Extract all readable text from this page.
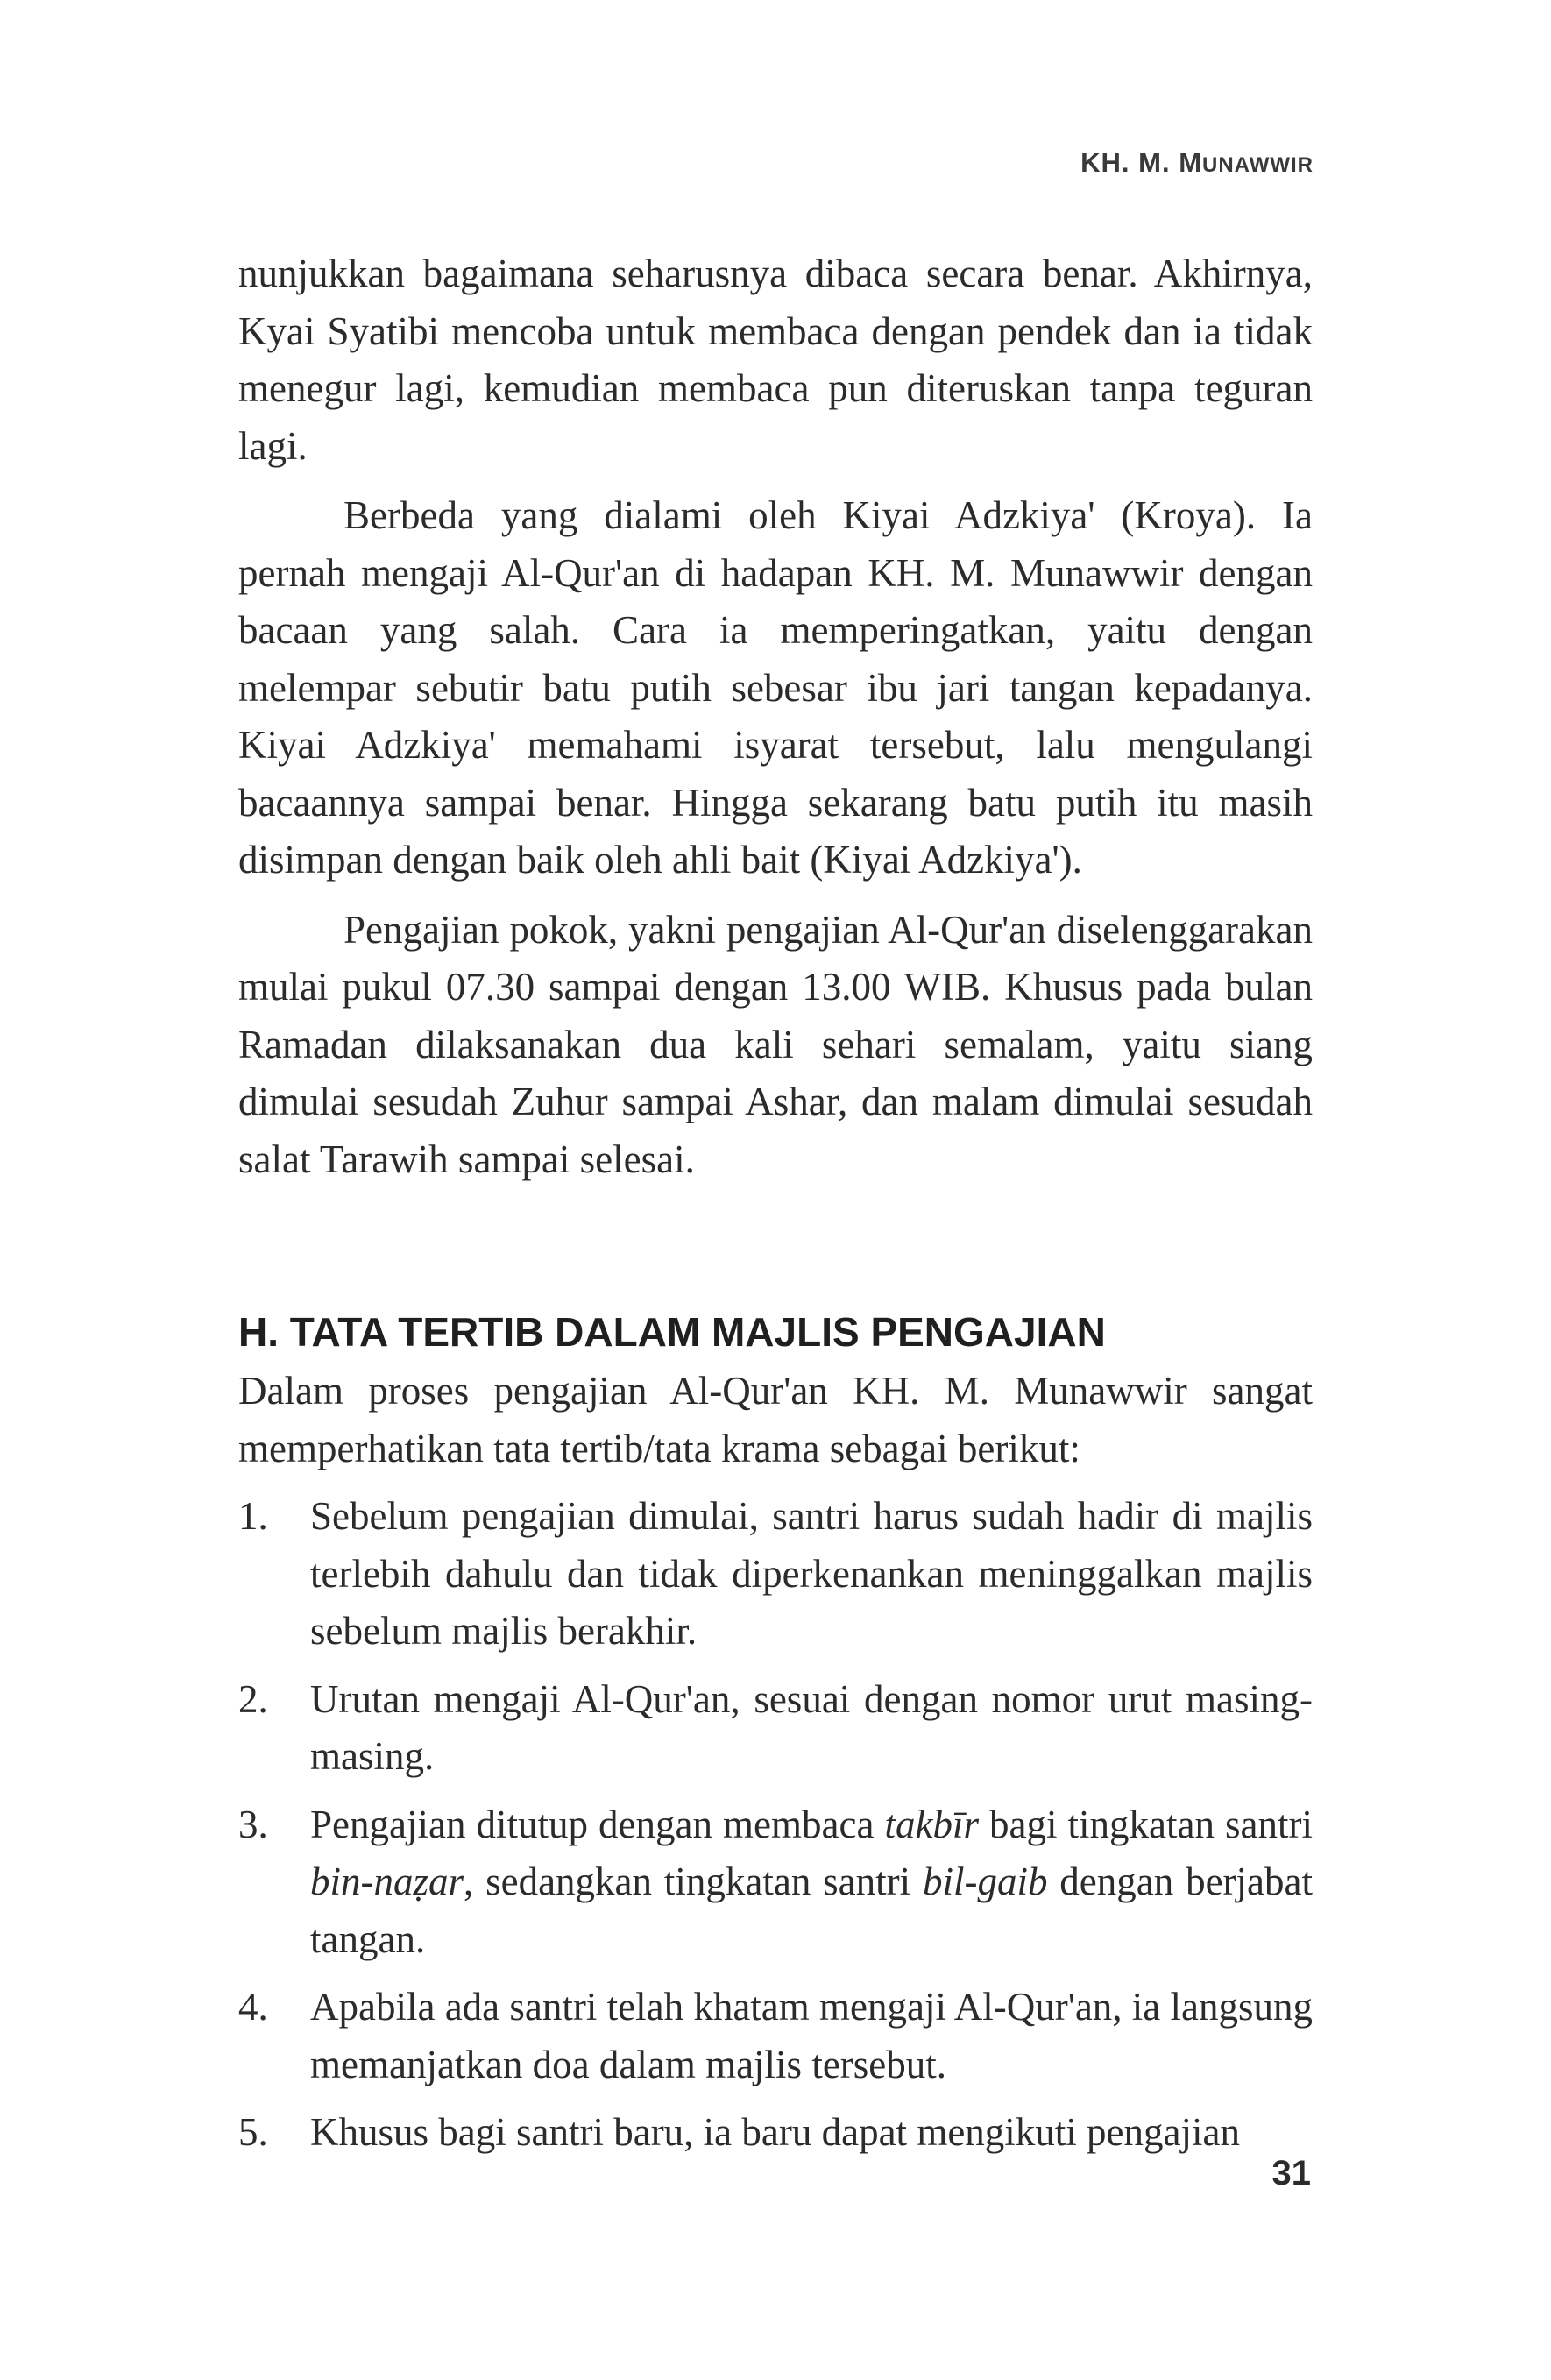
KH. M. MUNAWWIR

nunjukkan bagaimana seharusnya dibaca secara benar. Akhirnya, Kyai Syatibi mencoba untuk membaca dengan pendek dan ia tidak menegur lagi, kemudian membaca pun diteruskan tanpa teguran lagi.

Berbeda yang dialami oleh Kiyai Adzkiya' (Kroya). Ia pernah mengaji Al-Qur'an di hadapan KH. M. Munawwir dengan bacaan yang salah. Cara ia memperingatkan, yaitu dengan melempar sebutir batu putih sebesar ibu jari tangan kepadanya. Kiyai Adzkiya' memahami isyarat tersebut, lalu mengulangi bacaannya sampai benar. Hingga sekarang batu putih itu masih disimpan dengan baik oleh ahli bait (Kiyai Adzkiya').

Pengajian pokok, yakni pengajian Al-Qur'an diselenggarakan mulai pukul 07.30 sampai dengan 13.00 WIB. Khusus pada bulan Ramadan dilaksanakan dua kali sehari semalam, yaitu siang dimulai sesudah Zuhur sampai Ashar, dan malam dimulai sesudah salat Tarawih sampai selesai.

H. TATA TERTIB DALAM MAJLIS PENGAJIAN

Dalam proses pengajian Al-Qur'an KH. M. Munawwir sangat memperhatikan tata tertib/tata krama sebagai berikut:

1. Sebelum pengajian dimulai, santri harus sudah hadir di majlis terlebih dahulu dan tidak diperkenankan meninggalkan majlis sebelum majlis berakhir.
2. Urutan mengaji Al-Qur'an, sesuai dengan nomor urut masing-masing.
3. Pengajian ditutup dengan membaca takbīr bagi tingkatan santri bin-naẓar, sedangkan tingkatan santri bil-gaib dengan berjabat tangan.
4. Apabila ada santri telah khatam mengaji Al-Qur'an, ia langsung memanjatkan doa dalam majlis tersebut.
5. Khusus bagi santri baru, ia baru dapat mengikuti pengajian
31
